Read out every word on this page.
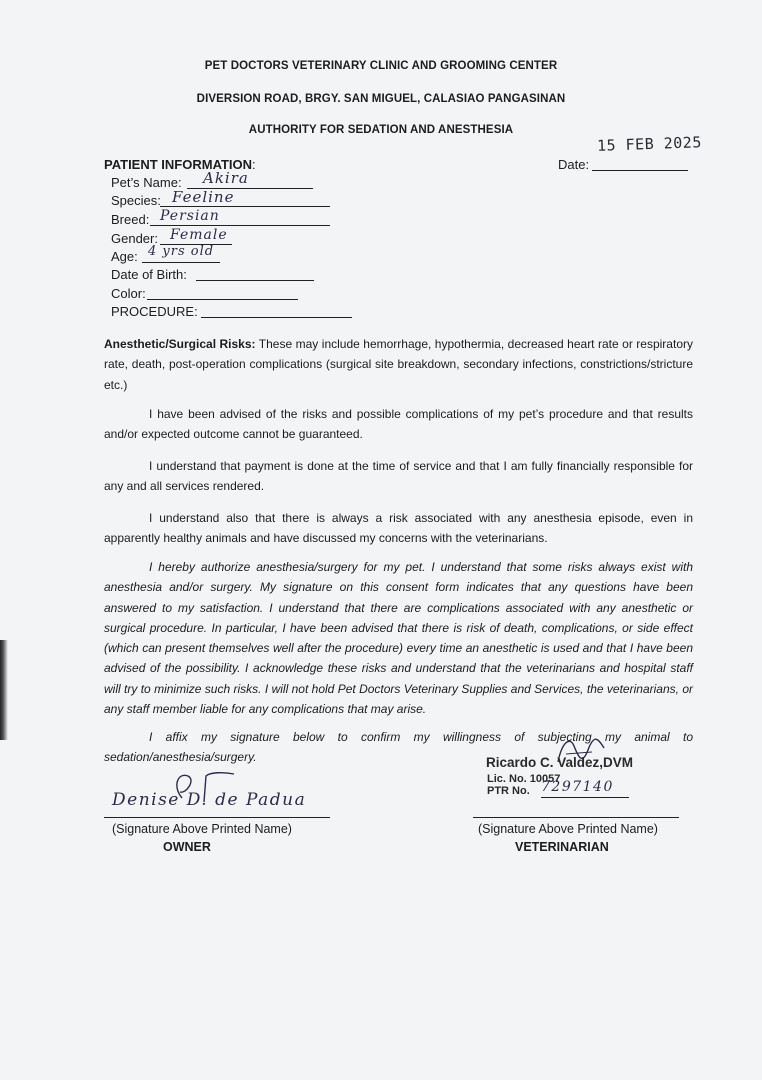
PET DOCTORS VETERINARY CLINIC AND GROOMING CENTER
DIVERSION ROAD, BRGY. SAN MIGUEL, CALASIAO PANGASINAN
AUTHORITY FOR SEDATION AND ANESTHESIA
15 FEB 2025
Date:
PATIENT INFORMATION:
Pet’s Name: Akira
Species: Feeline
Breed: Persian
Gender: Female
Age: 4 yrs old
Date of Birth:
Color:
PROCEDURE:
Anesthetic/Surgical Risks: These may include hemorrhage, hypothermia, decreased heart rate or respiratory rate, death, post-operation complications (surgical site breakdown, secondary infections, constrictions/stricture etc.)
I have been advised of the risks and possible complications of my pet’s procedure and that results and/or expected outcome cannot be guaranteed.
I understand that payment is done at the time of service and that I am fully financially responsible for any and all services rendered.
I understand also that there is always a risk associated with any anesthesia episode, even in apparently healthy animals and have discussed my concerns with the veterinarians.
I hereby authorize anesthesia/surgery for my pet. I understand that some risks always exist with anesthesia and/or surgery. My signature on this consent form indicates that any questions have been answered to my satisfaction. I understand that there are complications associated with any anesthetic or surgical procedure. In particular, I have been advised that there is risk of death, complications, or side effect (which can present themselves well after the procedure) every time an anesthetic is used and that I have been advised of the possibility. I acknowledge these risks and understand that the veterinarians and hospital staff will try to minimize such risks. I will not hold Pet Doctors Veterinary Supplies and Services, the veterinarians, or any staff member liable for any complications that may arise.
I affix my signature below to confirm my willingness of subjecting my animal to sedation/anesthesia/surgery.	Ricardo C. Valdez,DVM
Lic. No. 10057
PTR No. 7297140
Denise D. de Padua
(Signature Above Printed Name)
OWNER
(Signature Above Printed Name)
VETERINARIAN
